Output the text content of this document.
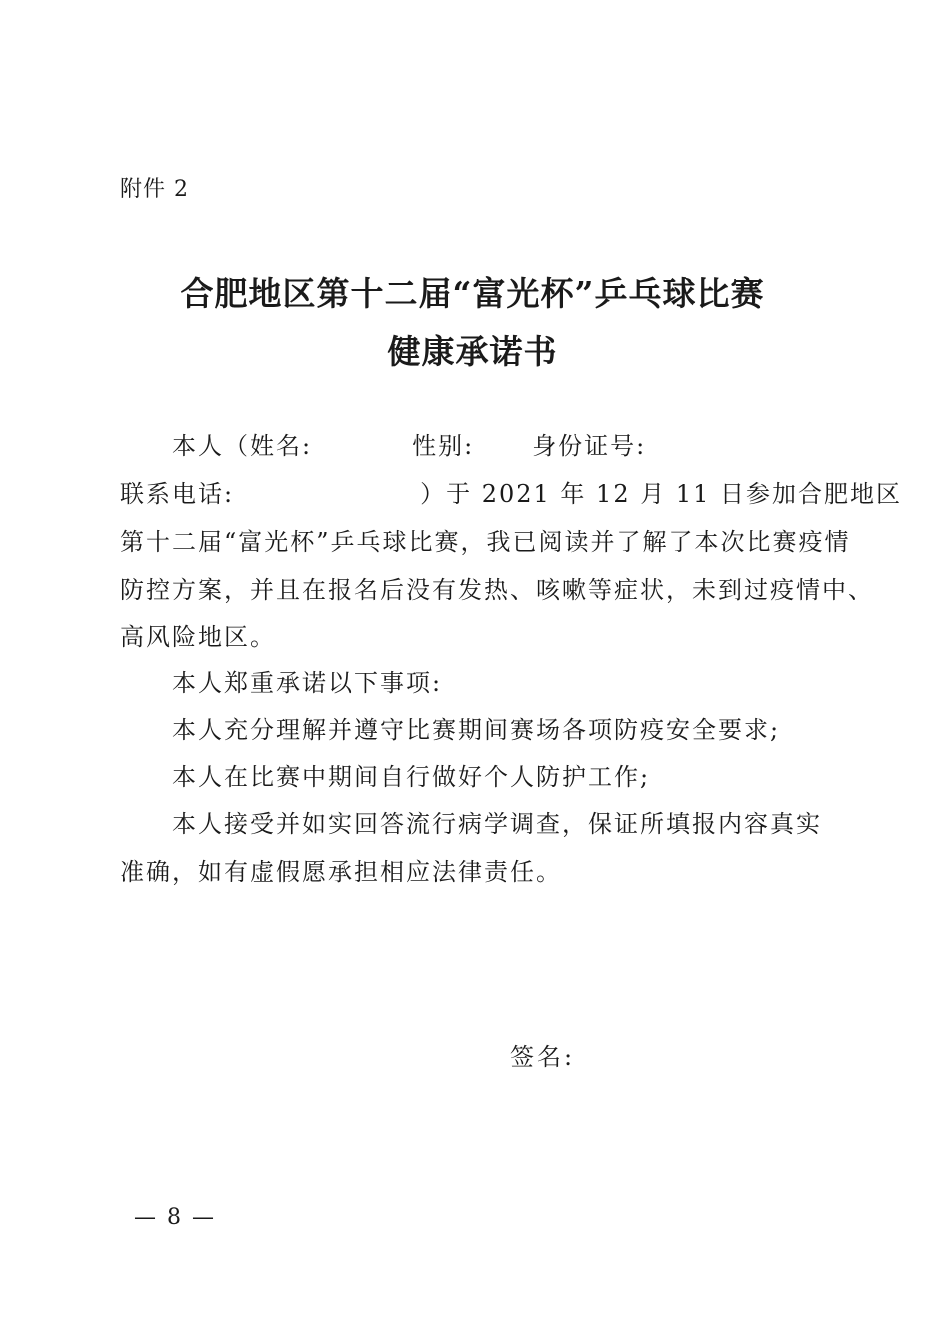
附件 2
合肥地区第十二届“富光杯”乒乓球比赛
健康承诺书
本人（姓名:	性别: 身份证号:
联系电话:	）于 2021 年 12 月 11 日参加合肥地区
第十二届“富光杯”乒乓球比赛，我已阅读并了解了本次比赛疫情
防控方案，并且在报名后没有发热、咳嗽等症状，未到过疫情中、
高风险地区。
本人郑重承诺以下事项:
本人充分理解并遵守比赛期间赛场各项防疫安全要求;
本人在比赛中期间自行做好个人防护工作;
本人接受并如实回答流行病学调查，保证所填报内容真实
准确，如有虚假愿承担相应法律责任。
签名:
— 8 —
